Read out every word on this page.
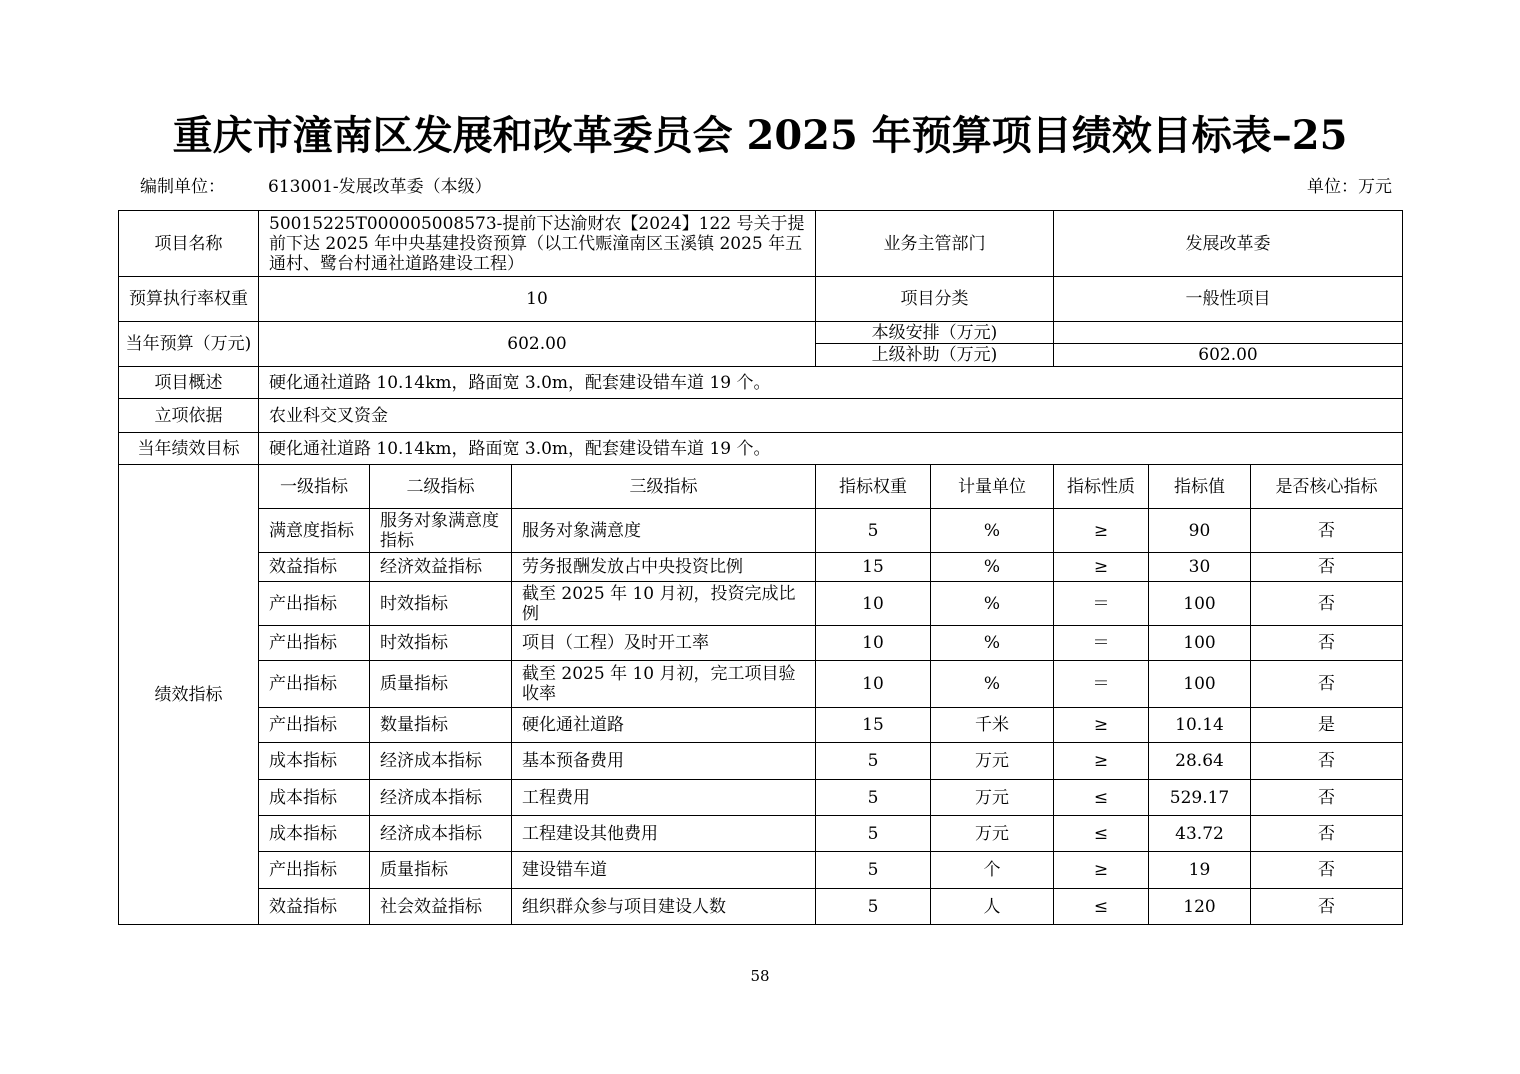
重庆市潼南区发展和改革委员会 2025 年预算项目绩效目标表–25
编制单位：	613001-发展改革委（本级）	单位：万元
项目名称	50015225T000005008573-提前下达渝财农【2024】122 号关于提前下达 2025 年中央基建投资预算（以工代赈潼南区玉溪镇 2025 年五通村、鹭台村通社道路建设工程）			业务主管部门		发展改革委		
预算执行率权重	10			项目分类		一般性项目		
当年预算（万元)	602.00			本级安排（万元)				
				上级补助（万元)		602.00		
项目概述	硬化通社道路 10.14km，路面宽 3.0m，配套建设错车道 19 个。							
立项依据	农业科交叉资金							
当年绩效目标	硬化通社道路 10.14km，路面宽 3.0m，配套建设错车道 19 个。							
绩效指标	一级指标	二级指标	三级指标	指标权重	计量单位	指标性质	指标值	是否核心指标
	满意度指标	服务对象满意度指标	服务对象满意度	5	%	≥	90	否
	效益指标	经济效益指标	劳务报酬发放占中央投资比例	15	%	≥	30	否
	产出指标	时效指标	截至 2025 年 10 月初，投资完成比例	10	%	＝	100	否
	产出指标	时效指标	项目（工程）及时开工率	10	%	＝	100	否
	产出指标	质量指标	截至 2025 年 10 月初，完工项目验收率	10	%	＝	100	否
	产出指标	数量指标	硬化通社道路	15	千米	≥	10.14	是
	成本指标	经济成本指标	基本预备费用	5	万元	≥	28.64	否
	成本指标	经济成本指标	工程费用	5	万元	≤	529.17	否
	成本指标	经济成本指标	工程建设其他费用	5	万元	≤	43.72	否
	产出指标	质量指标	建设错车道	5	个	≥	19	否
	效益指标	社会效益指标	组织群众参与项目建设人数	5	人	≤	120	否
58
